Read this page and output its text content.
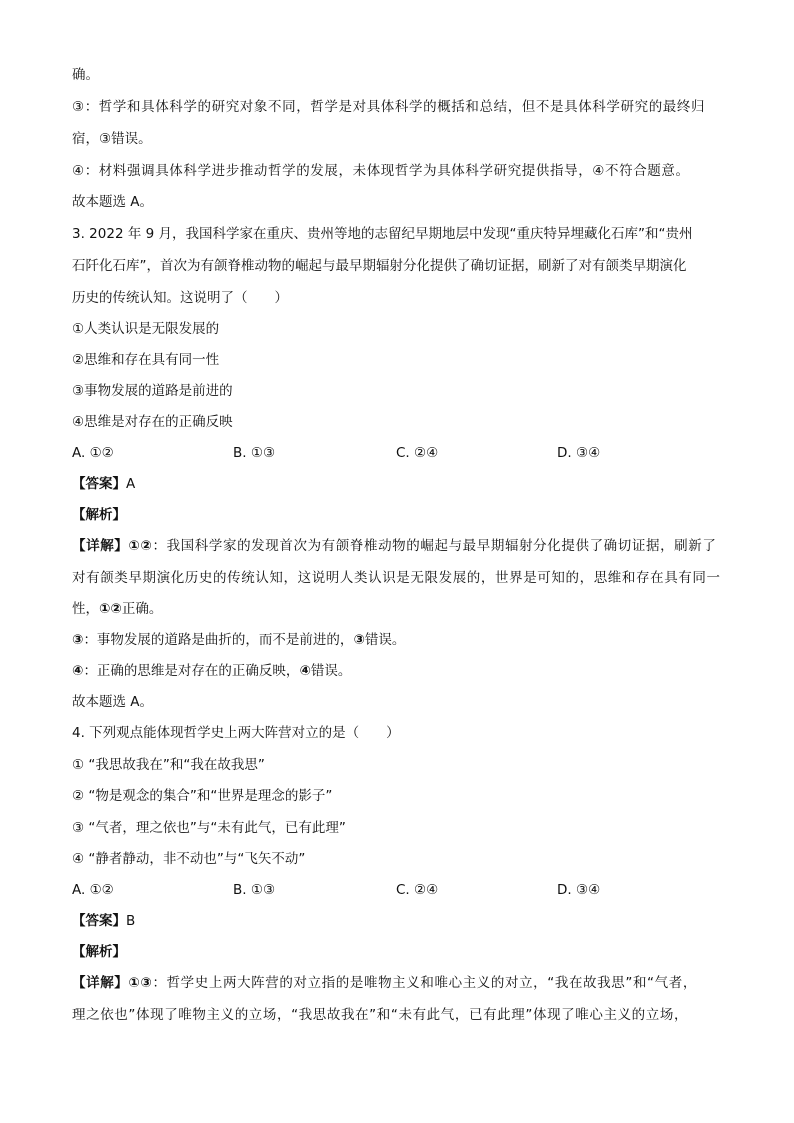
确。
③：哲学和具体科学的研究对象不同，哲学是对具体科学的概括和总结，但不是具体科学研究的最终归
宿，③错误。
④：材料强调具体科学进步推动哲学的发展，未体现哲学为具体科学研究提供指导，④不符合题意。
故本题选 A。
3. 2022 年 9 月，我国科学家在重庆、贵州等地的志留纪早期地层中发现“重庆特异埋藏化石库”和“贵州
石阡化石库”，首次为有颌脊椎动物的崛起与最早期辐射分化提供了确切证据，刷新了对有颌类早期演化
历史的传统认知。这说明了（　　）
①人类认识是无限发展的
②思维和存在具有同一性
③事物发展的道路是前进的
④思维是对存在的正确反映
A. ①②	B. ①③	C. ②④	D. ③④
【答案】A
【解析】
【详解】①②：我国科学家的发现首次为有颌脊椎动物的崛起与最早期辐射分化提供了确切证据，刷新了
对有颌类早期演化历史的传统认知，这说明人类认识是无限发展的，世界是可知的，思维和存在具有同一
性，①②正确。
③：事物发展的道路是曲折的，而不是前进的，③错误。
④：正确的思维是对存在的正确反映，④错误。
故本题选 A。
4. 下列观点能体现哲学史上两大阵营对立的是（　　）
① “我思故我在”和“我在故我思”
② “物是观念的集合”和“世界是理念的影子”
③ “气者，理之依也”与“未有此气，已有此理”
④ “静者静动，非不动也”与“飞矢不动”
A. ①②	B. ①③	C. ②④	D. ③④
【答案】B
【解析】
【详解】①③：哲学史上两大阵营的对立指的是唯物主义和唯心主义的对立，“我在故我思”和“气者，
理之依也”体现了唯物主义的立场，“我思故我在”和“未有此气，已有此理”体现了唯心主义的立场，
